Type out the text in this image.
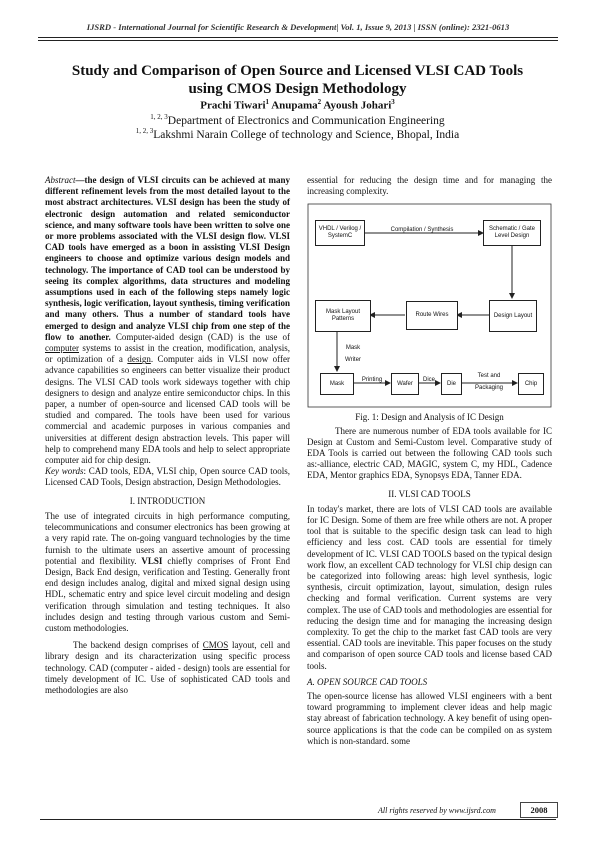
IJSRD - International Journal for Scientific Research & Development| Vol. 1, Issue 9, 2013 | ISSN (online): 2321-0613
Study and Comparison of Open Source and Licensed VLSI CAD Tools
using CMOS Design Methodology
Prachi Tiwari$^1$ Anupama$^2$ Ayoush Johari$^3$
$^{1, 2, 3}$Department of Electronics and Communication Engineering
$^{1, 2, 3}$Lakshmi Narain College of technology and Science, Bhopal, India

Abstract—the design of VLSI circuits can be achieved at many different refinement levels from the most detailed layout to the most abstract architectures. VLSI design has been the study of electronic design automation and related semiconductor science, and many software tools have been written to solve one or more problems associated with the VLSI design flow. VLSI CAD tools have emerged as a boon in assisting VLSI Design engineers to choose and optimize various design models and technology. The importance of CAD tool can be understood by seeing its complex algorithms, data structures and modeling assumptions used in each of the following steps namely logic synthesis, logic verification, layout synthesis, timing verification and many others. Thus a number of standard tools have emerged to design and analyze VLSI chip from one step of the flow to another. Computer-aided design (CAD) is the use of computer systems to assist in the creation, modification, analysis, or optimization of a design. Computer aids in VLSI now offer advance capabilities so engineers can better visualize their product designs. The VLSI CAD tools work sideways together with chip designers to design and analyze entire semiconductor chips. In this paper, a number of open-source and licensed CAD tools will be studied and compared. The tools have been used for various commercial and academic purposes in various companies and universities at different design abstraction levels. This paper will help to comprehend many EDA tools and help to select appropriate computer aid for chip design.

Key words: CAD tools, EDA, VLSI chip, Open source CAD tools, Licensed CAD Tools, Design abstraction, Design Methodologies.

I. INTRODUCTION

The use of integrated circuits in high performance computing, telecommunications and consumer electronics has been growing at a very rapid rate. The on-going vanguard technologies by the time furnish to the ultimate users an assertive amount of processing potential and flexibility. VLSI chiefly comprises of Front End Design, Back End design, verification and Testing. Generally front end design includes analog, digital and mixed signal design using HDL, schematic entry and spice level circuit modeling and design verification through simulation and testing techniques. It also includes design and testing through various custom and Semi-custom methodologies.

The backend design comprises of CMOS layout, cell and library design and its characterization using specific process technology. CAD (computer - aided - design) tools are essential for timely development of IC. Use of sophisticated CAD tools and methodologies are also

essential for reducing the design time and for managing the increasing complexity.

VHDL / Verilog / SystemC
Schematic / Gate Level Design
Design Layout
Route Wires
Mask Layout Patterns
Mask	Wafer	Die	Chip
Compilation / Synthesis
Mask Writer
Printing	Dice
Test and Packaging
Fig. 1: Design and Analysis of IC Design

There are numerous number of EDA tools available for IC Design at Custom and Semi-Custom level. Comparative study of EDA Tools is carried out between the following CAD tools such as:-alliance, electric CAD, MAGIC, system C, my HDL, Cadence EDA, Mentor graphics EDA, Synopsys EDA, Tanner EDA.

II. VLSI CAD TOOLS

In today's market, there are lots of VLSI CAD tools are available for IC Design. Some of them are free while others are not. A proper tool that is suitable to the specific design task can lead to high efficiency and less cost. CAD tools are essential for timely development of IC. VLSI CAD TOOLS based on the typical design work flow, an excellent CAD technology for VLSI chip design can be categorized into following areas: high level synthesis, logic synthesis, circuit optimization, layout, simulation, design rules checking and formal verification. Current systems are very complex. The use of CAD tools and methodologies are essential for reducing the design time and for managing the increasing design complexity. To get the chip to the market fast CAD tools are very essential. CAD tools are inevitable. This paper focuses on the study and comparison of open source CAD tools and license based CAD tools.

A. OPEN SOURCE CAD TOOLS

The open-source license has allowed VLSI engineers with a bent toward programming to implement clever ideas and help magic stay abreast of fabrication technology. A key benefit of using open-source applications is that the code can be compiled on as system which is non-standard. some

All rights reserved by www.ijsrd.com	2008
